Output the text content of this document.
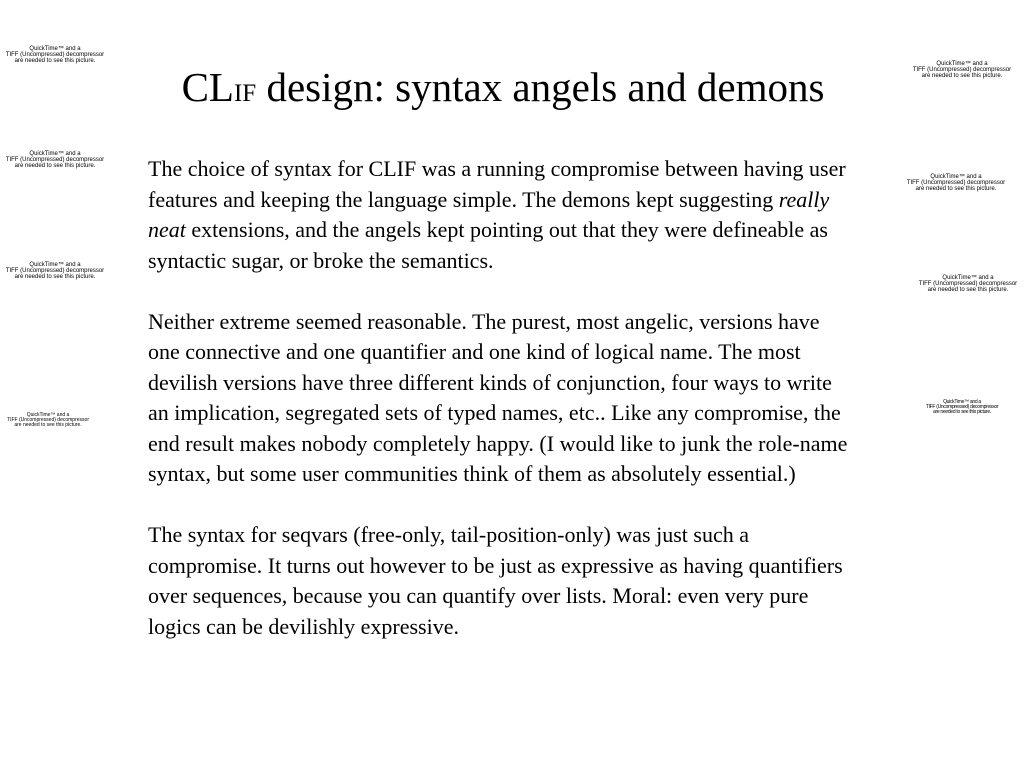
QuickTime™ and a
TIFF (Uncompressed) decompressor
are needed to see this picture.
QuickTime™ and a
TIFF (Uncompressed) decompressor
are needed to see this picture.
QuickTime™ and a
TIFF (Uncompressed) decompressor
are needed to see this picture.
QuickTime™ and a
TIFF (Uncompressed) decompressor
are needed to see this picture.
QuickTime™ and a
TIFF (Uncompressed) decompressor
are needed to see this picture.
QuickTime™ and a
TIFF (Uncompressed) decompressor
are needed to see this picture.
QuickTime™ and a
TIFF (Uncompressed) decompressor
are needed to see this picture.
QuickTime™ and a
TIFF (Uncompressed) decompressor
are needed to see this picture.
CLIF design: syntax angels and demons

The choice of syntax for CLIF was a running compromise between having user features and keeping the language simple. The demons kept suggesting really neat extensions, and the angels kept pointing out that they were defineable as syntactic sugar, or broke the semantics.

Neither extreme seemed reasonable. The purest, most angelic, versions have one connective and one quantifier and one kind of logical name. The most devilish versions have three different kinds of conjunction, four ways to write an implication, segregated sets of typed names, etc.. Like any compromise, the end result makes nobody completely happy. (I would like to junk the role-name syntax, but some user communities think of them as absolutely essential.)

The syntax for seqvars (free-only, tail-position-only) was just such a compromise. It turns out however to be just as expressive as having quantifiers over sequences, because you can quantify over lists. Moral: even very pure logics can be devilishly expressive.
